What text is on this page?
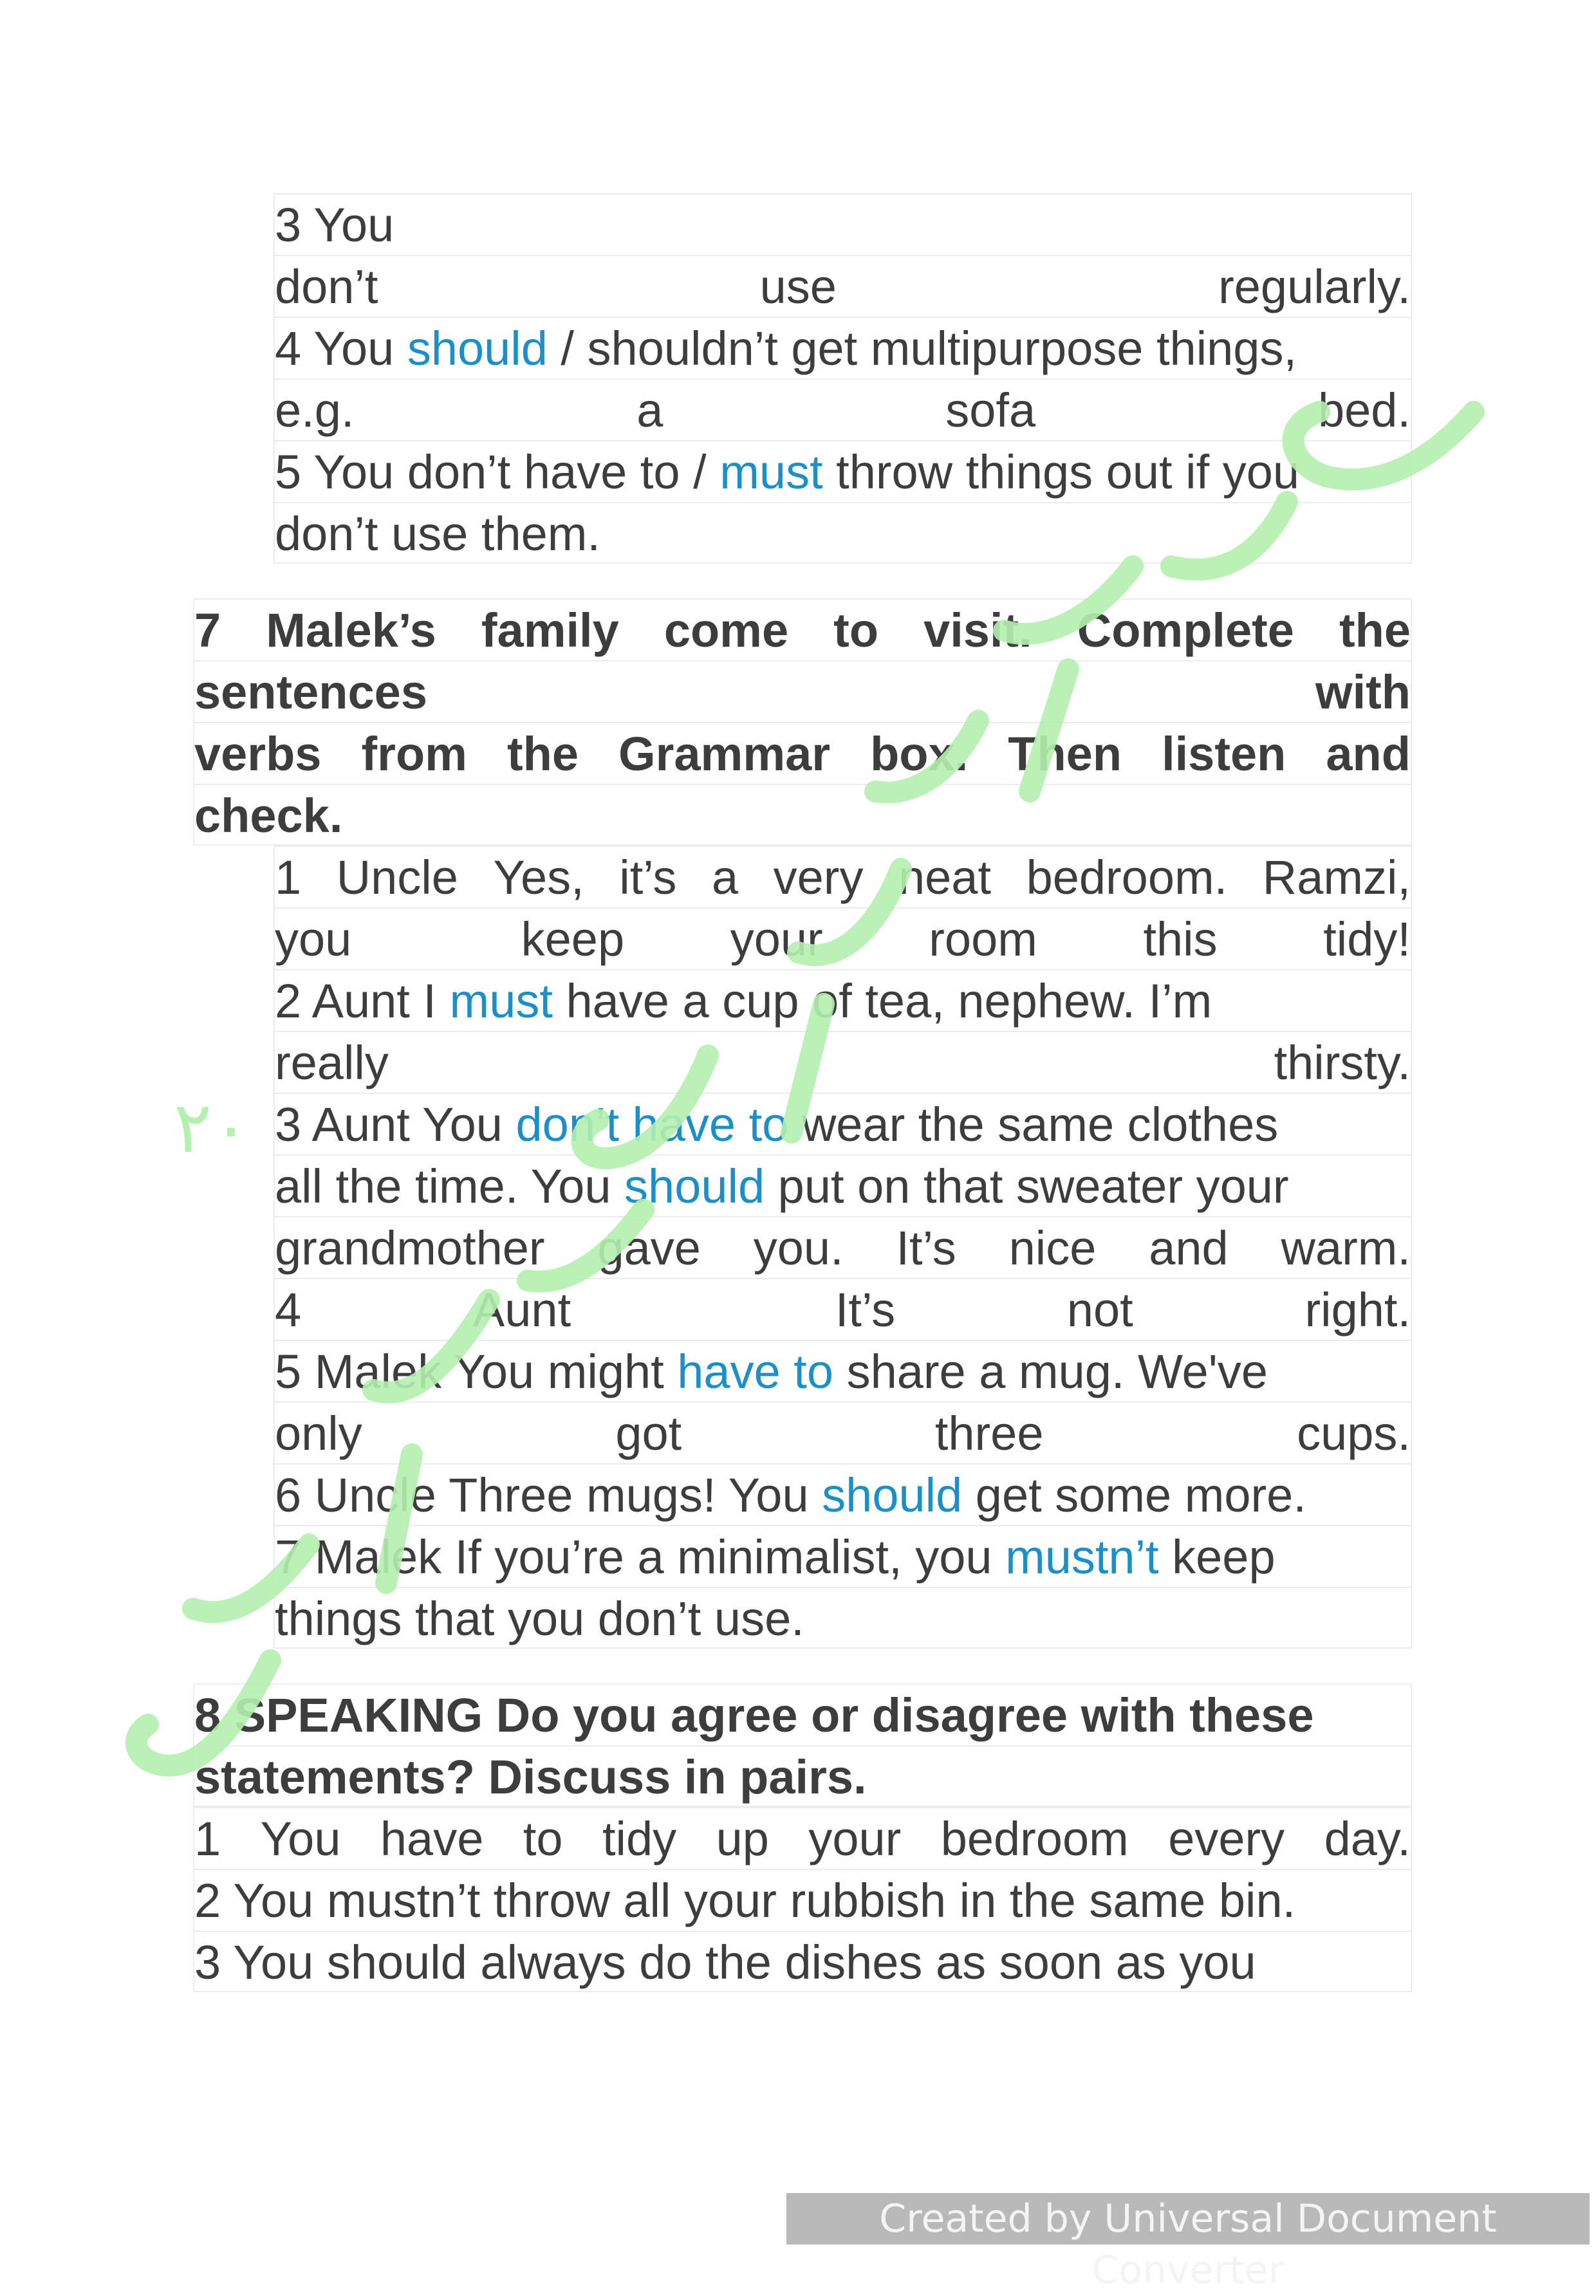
3 You
don’t	use	regularly.
4 You should / shouldn’t get multipurpose things,
e.g.	a	sofa	bed.
5 You don’t have to / must throw things out if you
don’t use them.
7 Malek’s family come to visit. Complete the
sentences	with
verbs from the Grammar box. Then listen and
check.
1 Uncle Yes, it’s a very neat bedroom. Ramzi,
you	keep your room this tidy!
2 Aunt I must have a cup of tea, nephew. I’m
really	thirsty.
3 Aunt You don’t have to wear the same clothes
all the time. You should put on that sweater your
grandmother gave you. It’s nice and warm.
4	Aunt	It’s	not	right.
5 Malek You might have to share a mug. We've
only	got	three	cups.
6 Uncle Three mugs! You should get some more.
7 Malek If you’re a minimalist, you mustn’t keep
things that you don’t use.
8 SPEAKING Do you agree or disagree with these
statements? Discuss in pairs.
1 You have to tidy up your bedroom every day.
2 You mustn’t throw all your rubbish in the same bin.
3 You should always do the dishes as soon as you
٢٠
Created by Universal Document Converter
